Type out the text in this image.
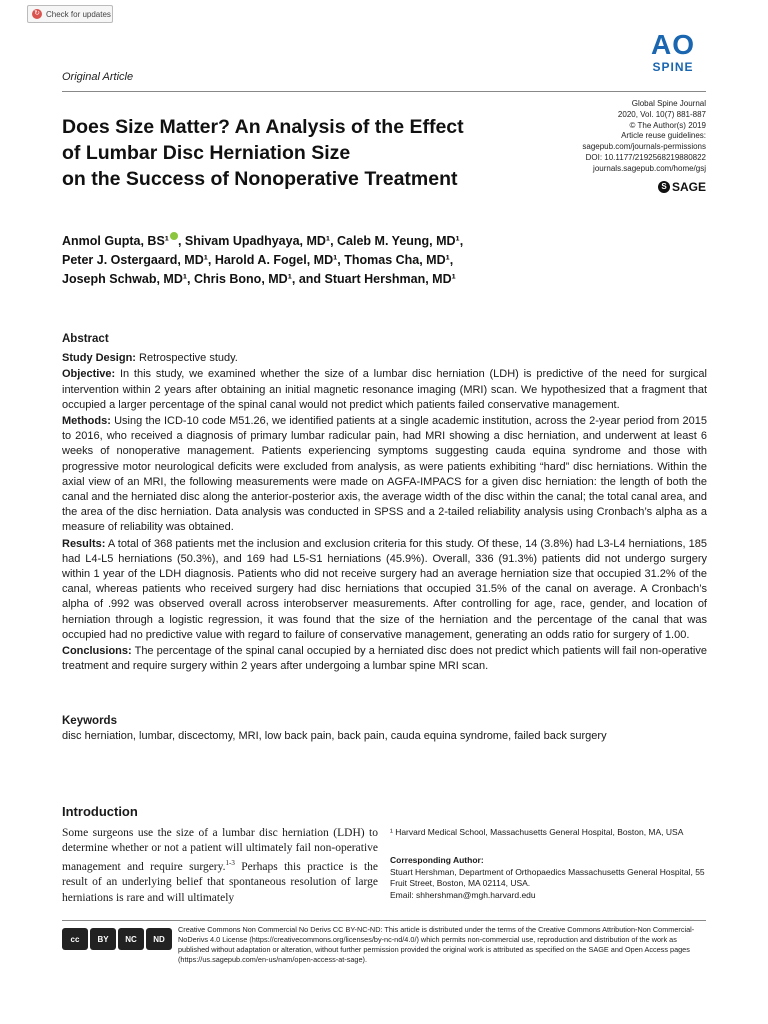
↻ Check for updates
Original Article
AO
SPINE
Global Spine Journal
2020, Vol. 10(7) 881-887
© The Author(s) 2019
Article reuse guidelines:
sagepub.com/journals-permissions
DOI: 10.1177/2192568219880822
journals.sagepub.com/home/gsj
S SAGE
Does Size Matter? An Analysis of the Effect
of Lumbar Disc Herniation Size
on the Success of Nonoperative Treatment
Anmol Gupta, BS¹ , Shivam Upadhyaya, MD¹, Caleb M. Yeung, MD¹,
Peter J. Ostergaard, MD¹, Harold A. Fogel, MD¹, Thomas Cha, MD¹,
Joseph Schwab, MD¹, Chris Bono, MD¹, and Stuart Hershman, MD¹

Abstract

Study Design: Retrospective study.

Objective: In this study, we examined whether the size of a lumbar disc herniation (LDH) is predictive of the need for surgical intervention within 2 years after obtaining an initial magnetic resonance imaging (MRI) scan. We hypothesized that a fragment that occupied a larger percentage of the spinal canal would not predict which patients failed conservative management.

Methods: Using the ICD-10 code M51.26, we identified patients at a single academic institution, across the 2-year period from 2015 to 2016, who received a diagnosis of primary lumbar radicular pain, had MRI showing a disc herniation, and underwent at least 6 weeks of nonoperative management. Patients experiencing symptoms suggesting cauda equina syndrome and those with progressive motor neurological deficits were excluded from analysis, as were patients exhibiting “hard” disc herniations. Within the axial view of an MRI, the following measurements were made on AGFA-IMPACS for a given disc herniation: the length of both the canal and the herniated disc along the anterior-posterior axis, the average width of the disc within the canal; the total canal area, and the area of the disc herniation. Data analysis was conducted in SPSS and a 2-tailed reliability analysis using Cronbach’s alpha as a measure of reliability was obtained.

Results: A total of 368 patients met the inclusion and exclusion criteria for this study. Of these, 14 (3.8%) had L3-L4 herniations, 185 had L4-L5 herniations (50.3%), and 169 had L5-S1 herniations (45.9%). Overall, 336 (91.3%) patients did not undergo surgery within 1 year of the LDH diagnosis. Patients who did not receive surgery had an average herniation size that occupied 31.2% of the canal, whereas patients who received surgery had disc herniations that occupied 31.5% of the canal on average. A Cronbach’s alpha of .992 was observed overall across interobserver measurements. After controlling for age, race, gender, and location of herniation through a logistic regression, it was found that the size of the herniation and the percentage of the canal that was occupied had no predictive value with regard to failure of conservative management, generating an odds ratio for surgery of 1.00.

Conclusions: The percentage of the spinal canal occupied by a herniated disc does not predict which patients will fail non-operative treatment and require surgery within 2 years after undergoing a lumbar spine MRI scan.

Keywords
disc herniation, lumbar, discectomy, MRI, low back pain, back pain, cauda equina syndrome, failed back surgery
Introduction
Some surgeons use the size of a lumbar disc herniation (LDH) to determine whether or not a patient will ultimately fail non-operative management and require surgery.$^{1-3}$ Perhaps this practice is the result of an underlying belief that spontaneous resolution of large herniations is rare and will ultimately
¹ Harvard Medical School, Massachusetts General Hospital, Boston, MA, USA
Corresponding Author:
Stuart Hershman, Department of Orthopaedics Massachusetts General Hospital, 55 Fruit Street, Boston, MA 02114, USA.
Email: shhershman@mgh.harvard.edu
cc	BY	NC	ND
Creative Commons Non Commercial No Derivs CC BY-NC-ND: This article is distributed under the terms of the Creative Commons Attribution-Non Commercial-NoDerivs 4.0 License (https://creativecommons.org/licenses/by-nc-nd/4.0/) which permits non-commercial use, reproduction and distribution of the work as published without adaptation or alteration, without further permission provided the original work is attributed as specified on the SAGE and Open Access pages (https://us.sagepub.com/en-us/nam/open-access-at-sage).
